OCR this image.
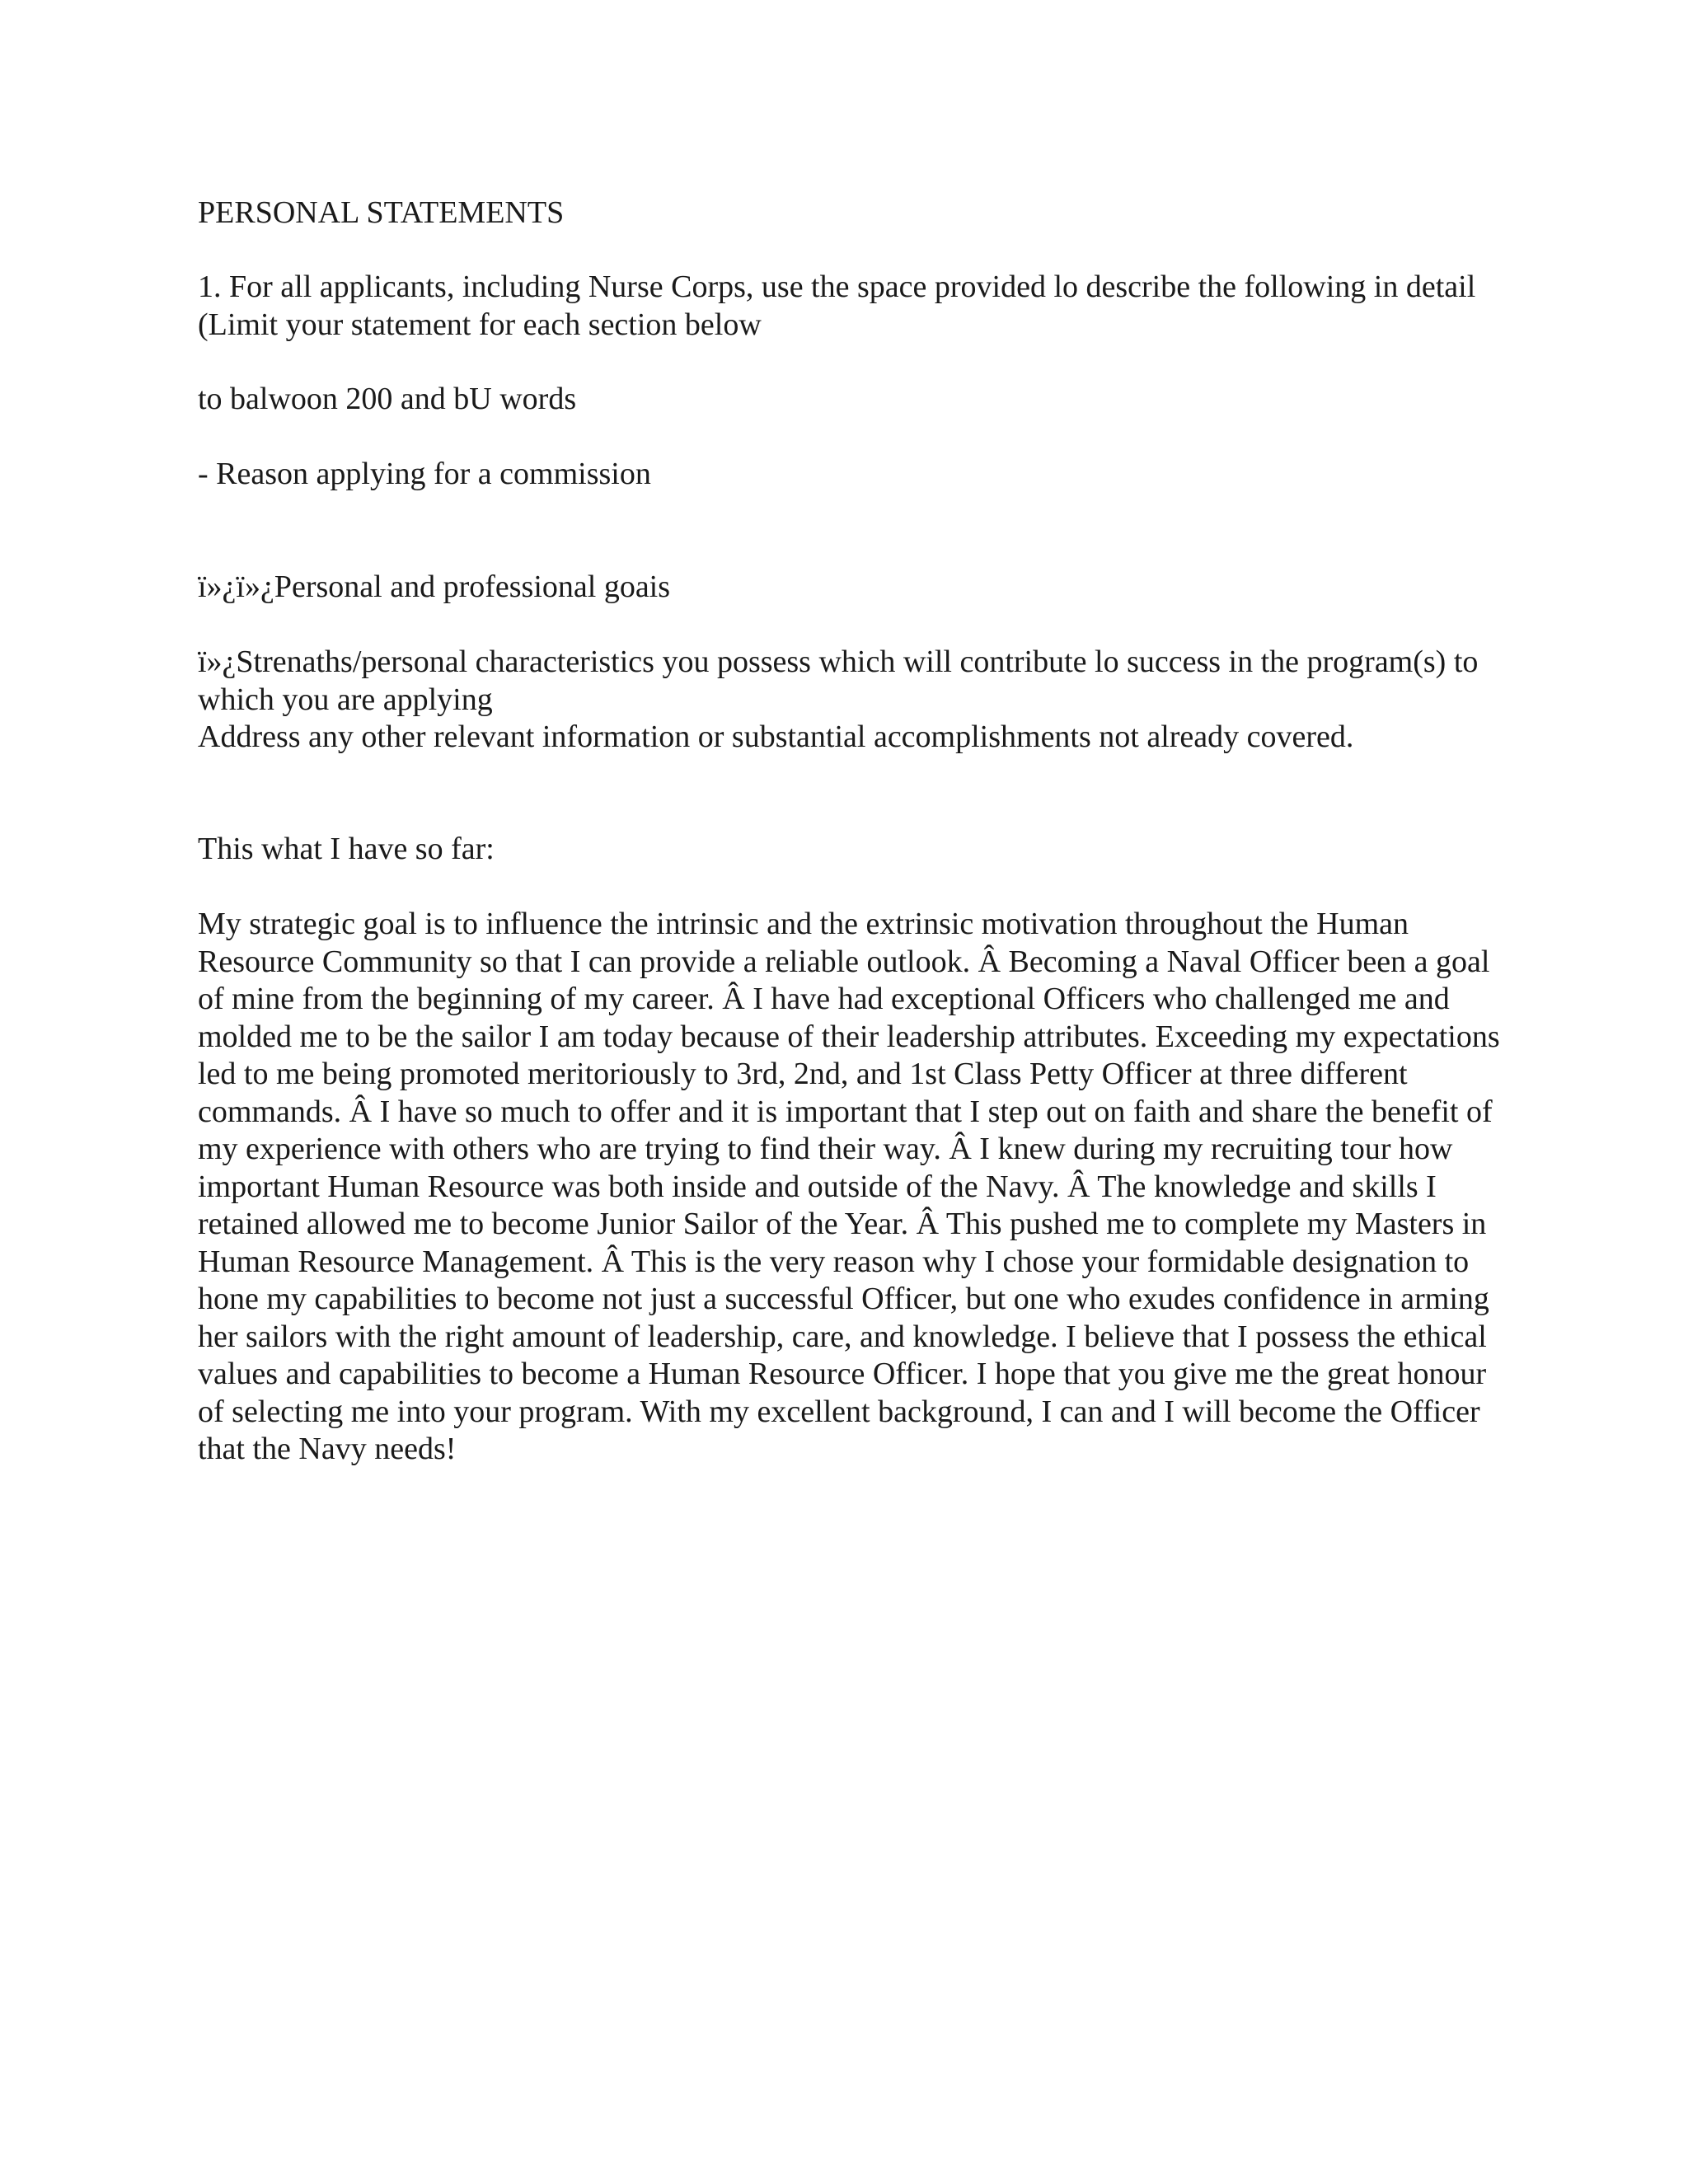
PERSONAL STATEMENTS

1. For all applicants, including Nurse Corps, use the space provided lo describe the following in detail (Limit your statement for each section below

to balwoon 200 and bU words

- Reason applying for a commission

ï»¿ï»¿Personal and professional goais

ï»¿Strenaths/personal characteristics you possess which will contribute lo success in the program(s) to which you are applying

Address any other relevant information or substantial accomplishments not already covered.

This what I have so far:

My strategic goal is to influence the intrinsic and the extrinsic motivation throughout the Human Resource Community so that I can provide a reliable outlook. Â Becoming a Naval Officer been a goal of mine from the beginning of my career. Â I have had exceptional Officers who challenged me and molded me to be the sailor I am today because of their leadership attributes. Exceeding my expectations led to me being promoted meritoriously to 3rd, 2nd, and 1st Class Petty Officer at three different commands. Â I have so much to offer and it is important that I step out on faith and share the benefit of my experience with others who are trying to find their way. Â I knew during my recruiting tour how important Human Resource was both inside and outside of the Navy. Â The knowledge and skills I retained allowed me to become Junior Sailor of the Year. Â This pushed me to complete my Masters in Human Resource Management. Â This is the very reason why I chose your formidable designation to hone my capabilities to become not just a successful Officer, but one who exudes confidence in arming her sailors with the right amount of leadership, care, and knowledge. I believe that I possess the ethical values and capabilities to become a Human Resource Officer. I hope that you give me the great honour of selecting me into your program. With my excellent background, I can and I will become the Officer that the Navy needs!
